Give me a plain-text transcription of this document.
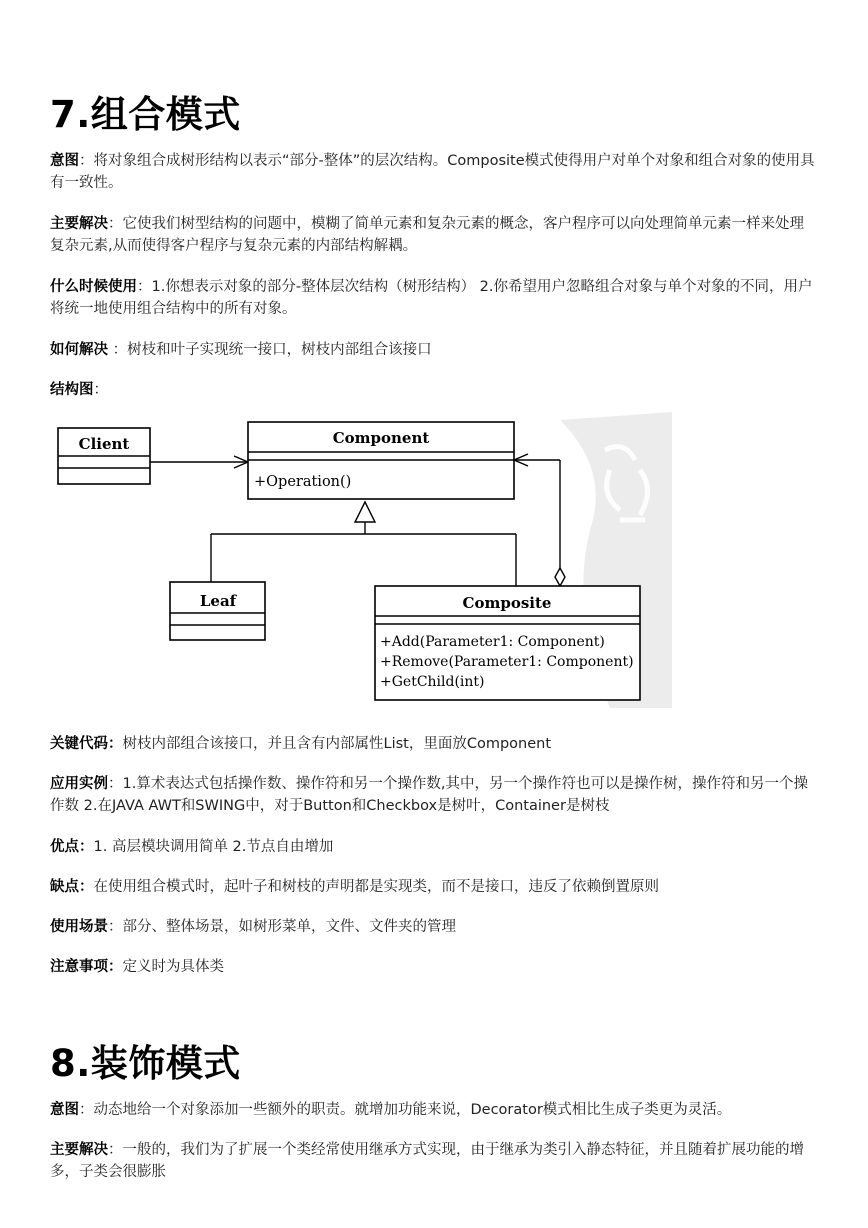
7.组合模式

意图：将对象组合成树形结构以表示“部分-整体”的层次结构。Composite模式使得用户对单个对象和组合对象的使用具有一致性。

主要解决：它使我们树型结构的问题中，模糊了简单元素和复杂元素的概念，客户程序可以向处理简单元素一样来处理复杂元素,从而使得客户程序与复杂元素的内部结构解耦。

什么时候使用：1.你想表示对象的部分-整体层次结构（树形结构） 2.你希望用户忽略组合对象与单个对象的不同，用户将统一地使用组合结构中的所有对象。

如何解决 ：树枝和叶子实现统一接口，树枝内部组合该接口

结构图：

Client	Component
+Operation()
Leaf	Composite
+Add(Parameter1: Component)
+Remove(Parameter1: Component)
+GetChild(int)

关键代码：树枝内部组合该接口，并且含有内部属性List，里面放Component

应用实例：1.算术表达式包括操作数、操作符和另一个操作数,其中，另一个操作符也可以是操作树，操作符和另一个操作数 2.在JAVA AWT和SWING中，对于Button和Checkbox是树叶，Container是树枝

优点：1. 高层模块调用简单 2.节点自由增加

缺点：在使用组合模式时，起叶子和树枝的声明都是实现类，而不是接口，违反了依赖倒置原则

使用场景：部分、整体场景，如树形菜单，文件、文件夹的管理

注意事项：定义时为具体类

8.装饰模式

意图：动态地给一个对象添加一些额外的职责。就增加功能来说，Decorator模式相比生成子类更为灵活。

主要解决：一般的，我们为了扩展一个类经常使用继承方式实现，由于继承为类引入静态特征，并且随着扩展功能的增多，子类会很膨胀
